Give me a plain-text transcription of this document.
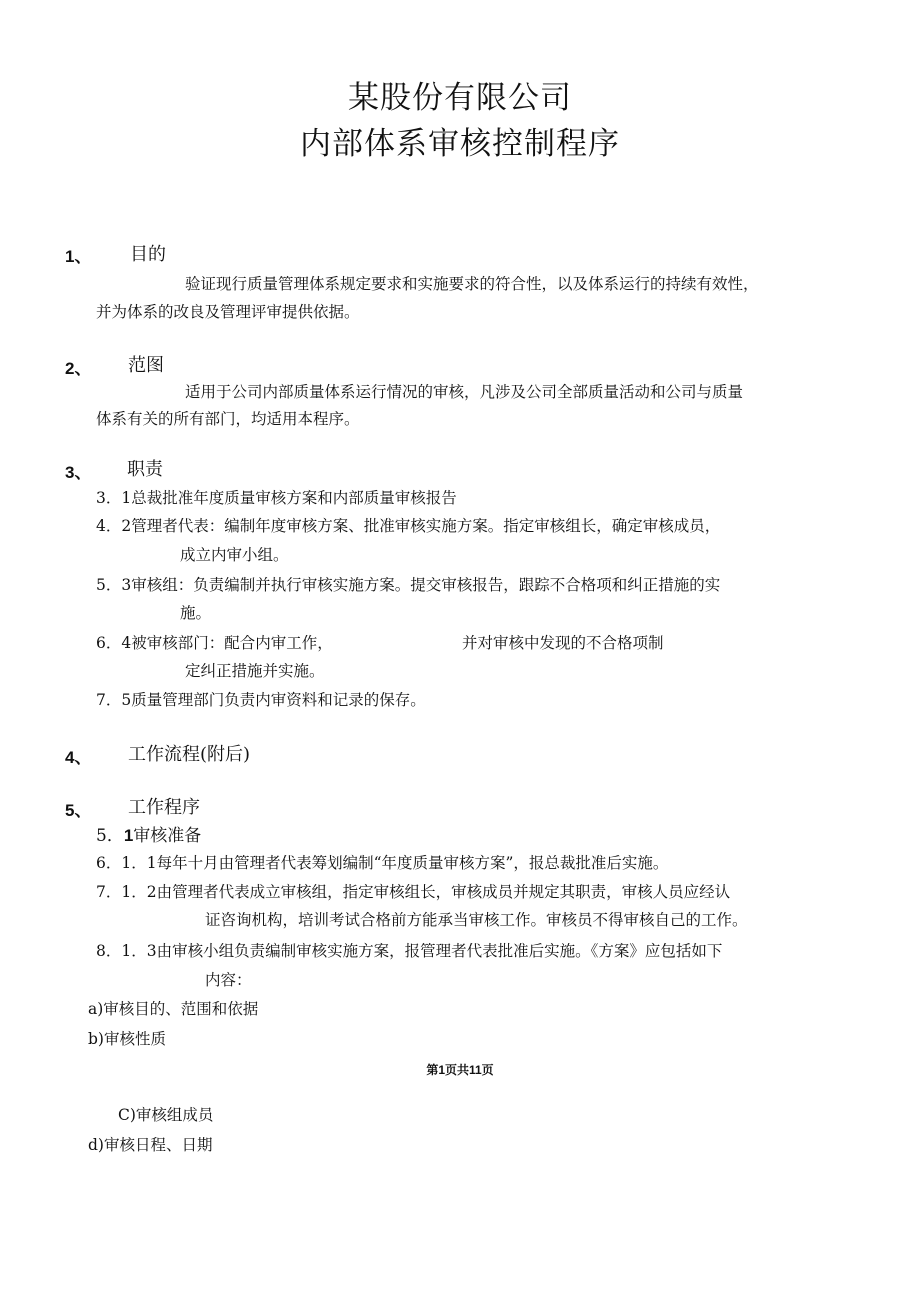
某股份有限公司
内部体系审核控制程序
1、 目的
验证现行质量管理体系规定要求和实施要求的符合性，以及体系运行的持续有效性，
并为体系的改良及管理评审提供依据。
2、 范图
适用于公司内部质量体系运行情况的审核，凡涉及公司全部质量活动和公司与质量
体系有关的所有部门，均适用本程序。
3、 职责
3．1总裁批准年度质量审核方案和内部质量审核报告
4．2管理者代表：编制年度审核方案、批准审核实施方案。指定审核组长，确定审核成员，
成立内审小组。
5．3审核组：负责编制并执行审核实施方案。提交审核报告，跟踪不合格项和纠正措施的实
施。
6．4被审核部门：配合内审工作，	并对审核中发现的不合格项制
定纠正措施并实施。
7．5质量管理部门负责内审资料和记录的保存。
4、 工作流程(附后)
5、 工作程序
5．1审核准备
6．1．1每年十月由管理者代表筹划编制“年度质量审核方案”，报总裁批准后实施。
7．1．2由管理者代表成立审核组，指定审核组长，审核成员并规定其职责，审核人员应经认
证咨询机构，培训考试合格前方能承当审核工作。审核员不得审核自己的工作。
8．1．3由审核小组负责编制审核实施方案，报管理者代表批准后实施。《方案》应包括如下
内容：
a)审核目的、范围和依据
b)审核性质
第1页共11页
C)审核组成员
d)审核日程、日期
